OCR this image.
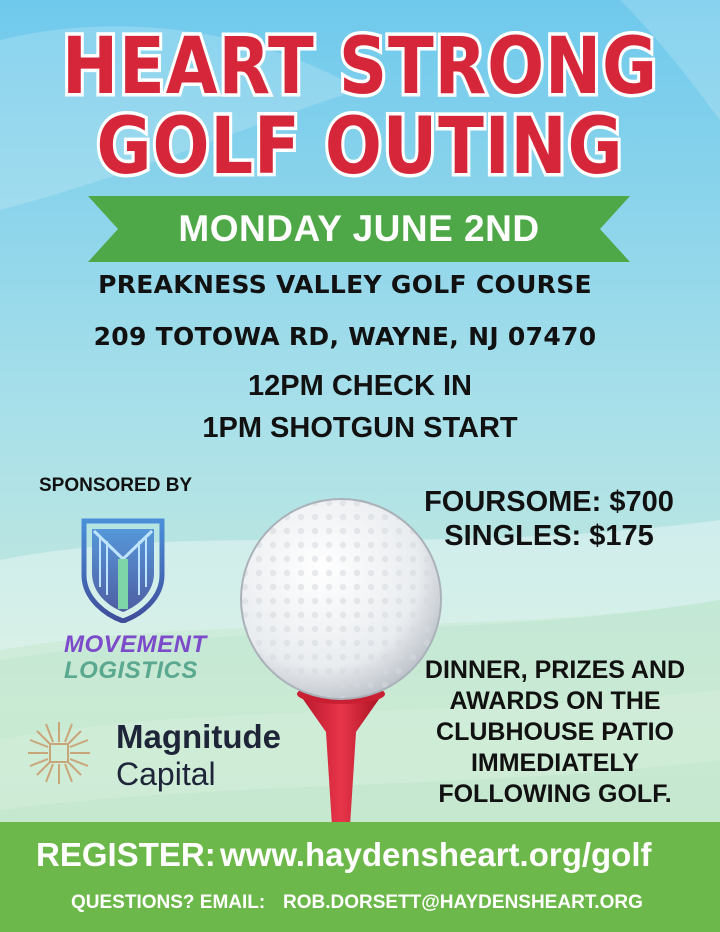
HEART STRONG
GOLF OUTING
MONDAY JUNE 2ND
PREAKNESS VALLEY GOLF COURSE
209 TOTOWA RD, WAYNE, NJ 07470
12PM CHECK IN
1PM SHOTGUN START
SPONSORED BY
MOVEMENT
LOGISTICS
Magnitude
Capital
FOURSOME: $700
SINGLES: $175
DINNER, PRIZES AND
AWARDS ON THE
CLUBHOUSE PATIO
IMMEDIATELY
FOLLOWING GOLF.
REGISTER: www.haydensheart.org/golf
QUESTIONS? EMAIL: ROB.DORSETT@HAYDENSHEART.ORG
